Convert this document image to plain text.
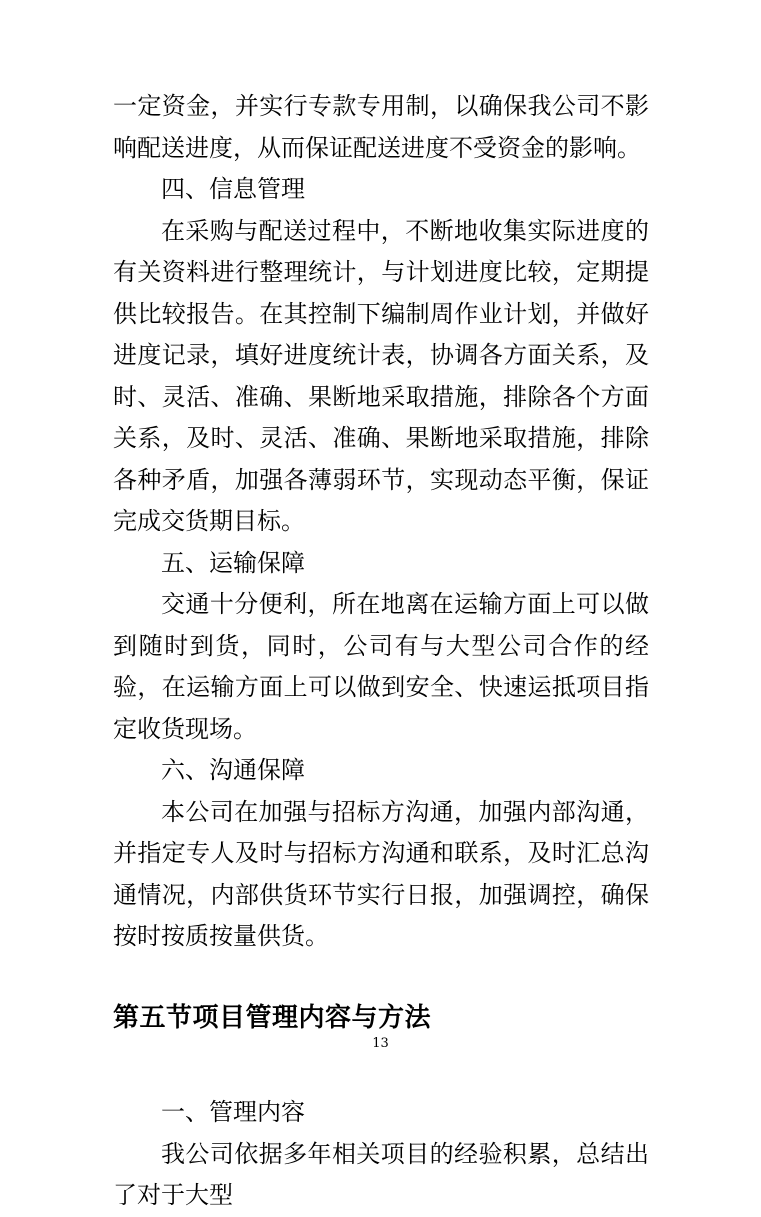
一定资金，并实行专款专用制，以确保我公司不影响配送进度，从而保证配送进度不受资金的影响。

四、信息管理

在采购与配送过程中，不断地收集实际进度的有关资料进行整理统计，与计划进度比较，定期提供比较报告。在其控制下编制周作业计划，并做好进度记录，填好进度统计表，协调各方面关系，及时、灵活、准确、果断地采取措施，排除各个方面关系，及时、灵活、准确、果断地采取措施，排除各种矛盾，加强各薄弱环节，实现动态平衡，保证完成交货期目标。

五、运输保障

交通十分便利，所在地离在运输方面上可以做到随时到货，同时，公司有与大型公司合作的经验，在运输方面上可以做到安全、快速运抵项目指定收货现场。

六、沟通保障

本公司在加强与招标方沟通，加强内部沟通，并指定专人及时与招标方沟通和联系，及时汇总沟通情况，内部供货环节实行日报，加强调控，确保按时按质按量供货。

第五节项目管理内容与方法

一、管理内容

我公司依据多年相关项目的经验积累，总结出了对于大型

13
